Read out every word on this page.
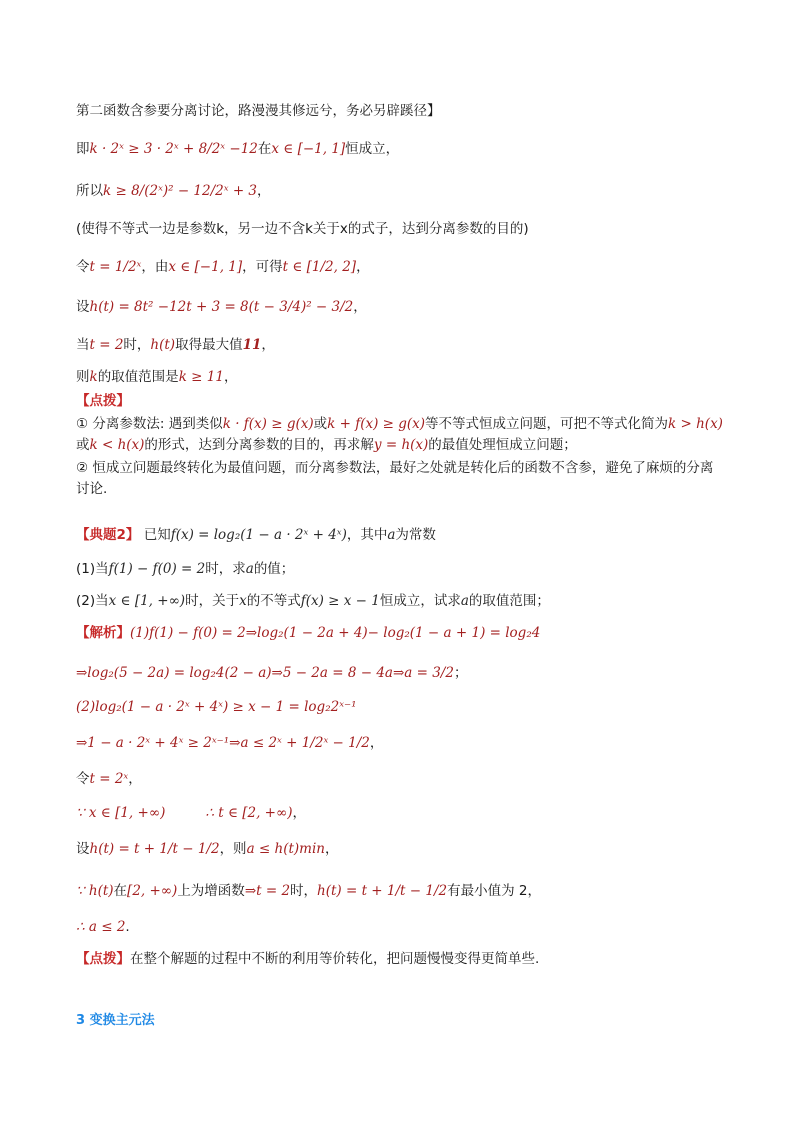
第二函数含参要分离讨论，路漫漫其修远兮，务必另辟蹊径】

即k · 2ˣ ≥ 3 · 2ˣ + 8/2ˣ −12在x ∈ [−1, 1]恒成立，

所以k ≥ 8/(2ˣ)² − 12/2ˣ + 3，

(使得不等式一边是参数k，另一边不含k关于x的式子，达到分离参数的目的)

令t = 1/2ˣ，由x ∈ [−1, 1]，可得t ∈ [1/2, 2]，

设h(t) = 8t² −12t + 3 = 8(t − 3/4)² − 3/2，

当t = 2时，h(t)取得最大值11，

则k的取值范围是k ≥ 11，

【点拨】

① 分离参数法: 遇到类似k · f(x) ≥ g(x)或k + f(x) ≥ g(x)等不等式恒成立问题，可把不等式化简为k > h(x)或k < h(x)的形式，达到分离参数的目的，再求解y = h(x)的最值处理恒成立问题；

② 恒成立问题最终转化为最值问题，而分离参数法，最好之处就是转化后的函数不含参，避免了麻烦的分离讨论.

【典题2】 已知f(x) = log₂(1 − a · 2ˣ + 4ˣ)，其中a为常数

(1)当f(1) − f(0) = 2时，求a的值；

(2)当x ∈ [1, +∞)时，关于x的不等式f(x) ≥ x − 1恒成立，试求a的取值范围；

【解析】(1)f(1) − f(0) = 2⇒log₂(1 − 2a + 4)− log₂(1 − a + 1) = log₂4

⇒log₂(5 − 2a) = log₂4(2 − a)⇒5 − 2a = 8 − 4a⇒a = 3/2；

(2)log₂(1 − a · 2ˣ + 4ˣ) ≥ x − 1 = log₂2ˣ⁻¹

⇒1 − a · 2ˣ + 4ˣ ≥ 2ˣ⁻¹⇒a ≤ 2ˣ + 1/2ˣ − 1/2，

令t = 2ˣ，

∵ x ∈ [1, +∞)	∴ t ∈ [2, +∞)，

设h(t) = t + 1/t − 1/2，则a ≤ h(t)min，

∵ h(t)在[2, +∞)上为增函数⇒t = 2时，h(t) = t + 1/t − 1/2有最小值为 2，

∴ a ≤ 2.

【点拨】在整个解题的过程中不断的利用等价转化，把问题慢慢变得更简单些.

3 变换主元法
